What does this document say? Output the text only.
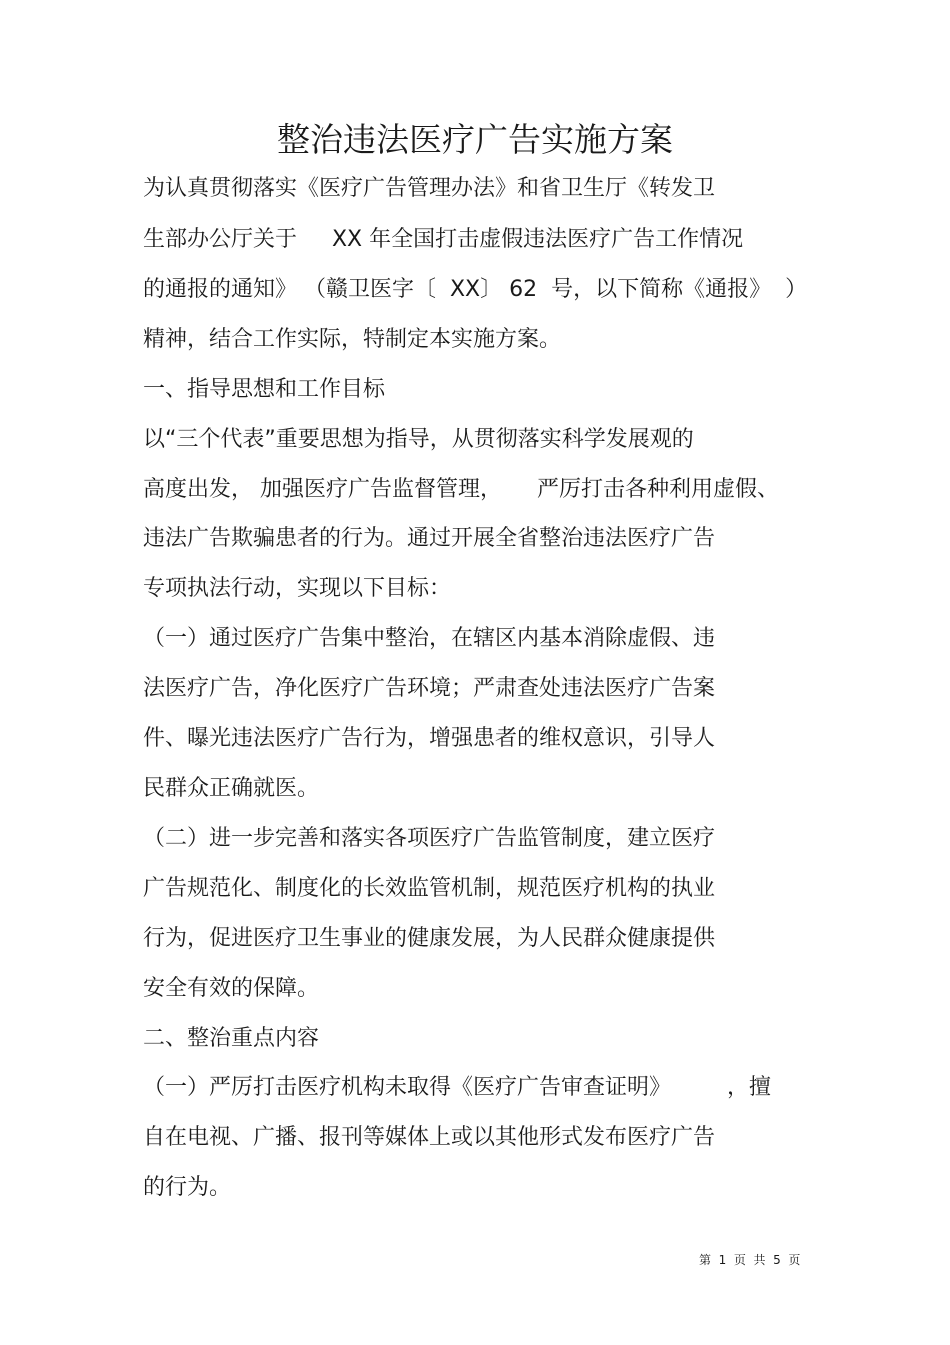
整治违法医疗广告实施方案
为认真贯彻落实《医疗广告管理办法》和省卫生厅《转发卫
生部办公厅关于     XX 年全国打击虚假违法医疗广告工作情况
的通报的通知》 （赣卫医字〔  XX〕 62  号，以下简称《通报》  ）
精神，结合工作实际，特制定本实施方案。
一、指导思想和工作目标
以“三个代表”重要思想为指导，从贯彻落实科学发展观的
高度出发， 加强医疗广告监督管理，     严厉打击各种利用虚假、
违法广告欺骗患者的行为。通过开展全省整治违法医疗广告
专项执法行动，实现以下目标：
（一）通过医疗广告集中整治，在辖区内基本消除虚假、违
法医疗广告，净化医疗广告环境；严肃查处违法医疗广告案
件、曝光违法医疗广告行为，增强患者的维权意识，引导人
民群众正确就医。
（二）进一步完善和落实各项医疗广告监管制度，建立医疗
广告规范化、制度化的长效监管机制，规范医疗机构的执业
行为，促进医疗卫生事业的健康发展，为人民群众健康提供
安全有效的保障。
二、整治重点内容
（一）严厉打击医疗机构未取得《医疗广告审查证明》        ，擅
自在电视、广播、报刊等媒体上或以其他形式发布医疗广告
的行为。
第  1  页  共  5  页
